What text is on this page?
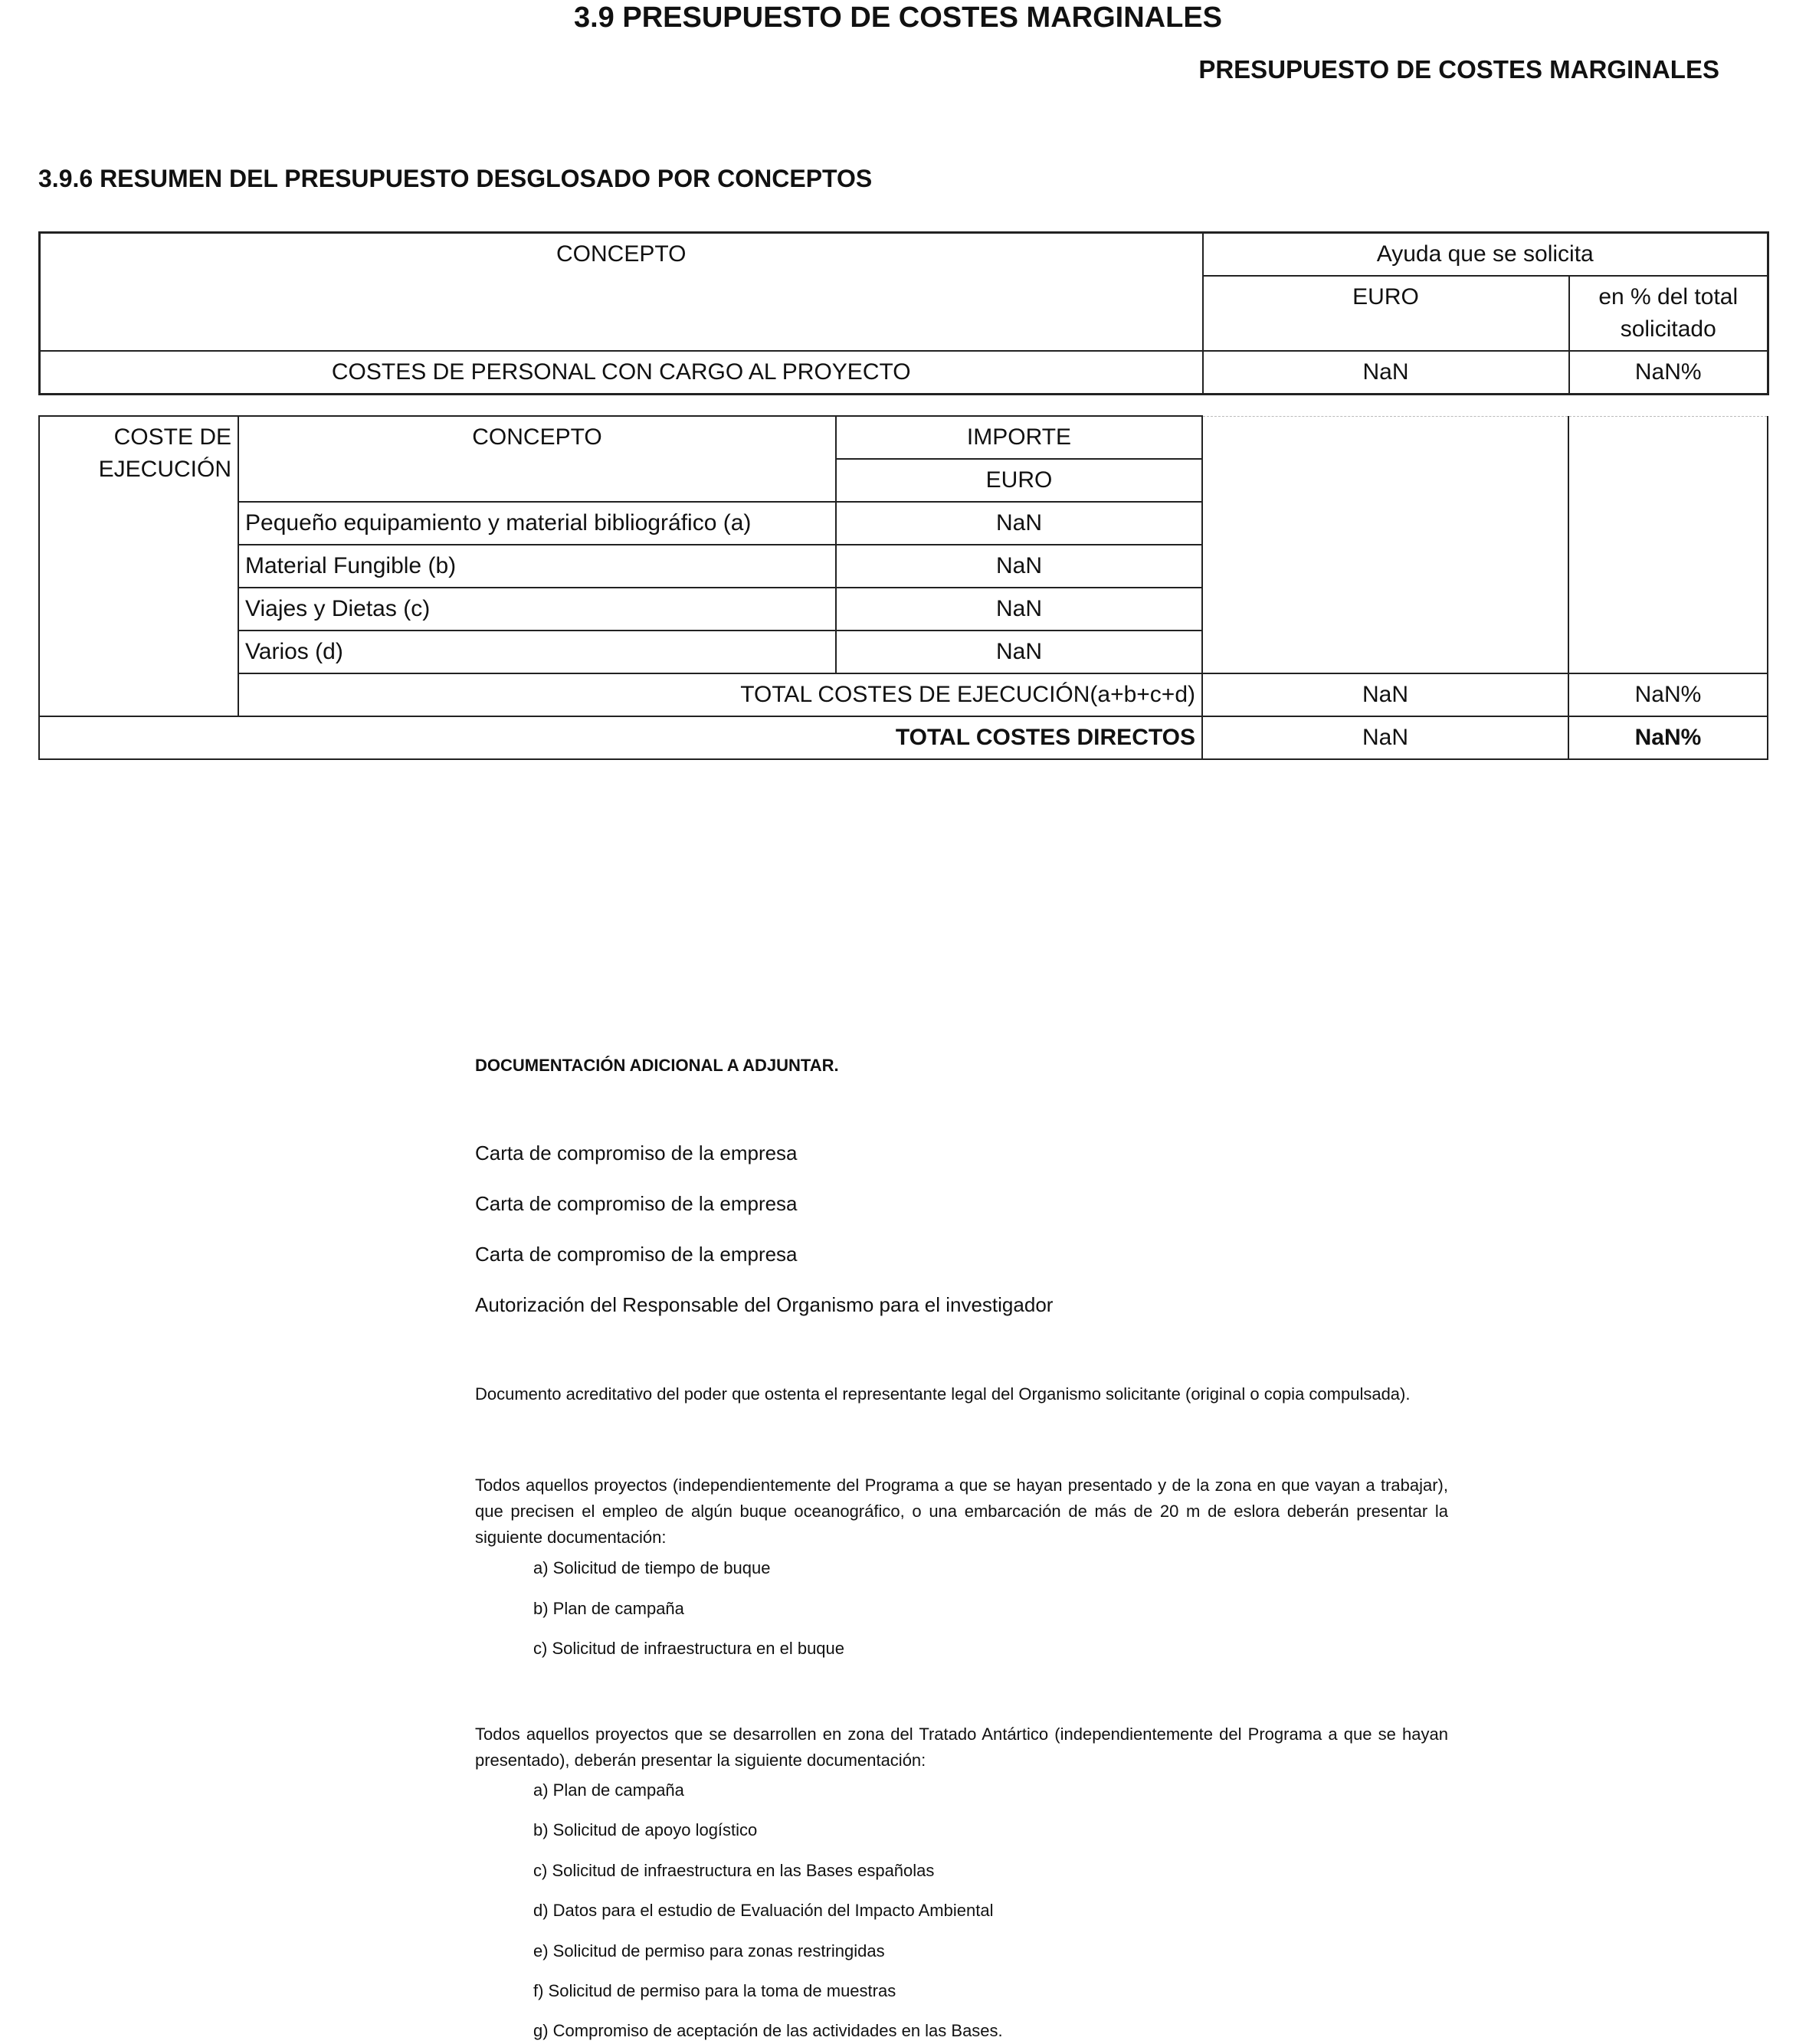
3.9 PRESUPUESTO DE COSTES MARGINALES
PRESUPUESTO DE COSTES MARGINALES
3.9.6 RESUMEN DEL PRESUPUESTO DESGLOSADO POR CONCEPTOS
CONCEPTO	Ayuda que se solicita	
	EURO	en % del total solicitado
COSTES DE PERSONAL CON CARGO AL PROYECTO	NaN	NaN%
COSTE DE EJECUCIÓN	CONCEPTO	IMPORTE		
		EURO		
	Pequeño equipamiento y material bibliográfico (a)	NaN		
	Material Fungible (b)	NaN		
	Viajes y Dietas (c)	NaN		
	Varios (d)	NaN		
	TOTAL COSTES DE EJECUCIÓN(a+b+c+d)		NaN	NaN%
TOTAL COSTES DIRECTOS			NaN	NaN%
DOCUMENTACIÓN ADICIONAL A ADJUNTAR.
Carta de compromiso de la empresa
Carta de compromiso de la empresa
Carta de compromiso de la empresa
Autorización del Responsable del Organismo para el investigador
Documento acreditativo del poder que ostenta el representante legal del Organismo solicitante (original o copia compulsada).
Todos aquellos proyectos (independientemente del Programa a que se hayan presentado y de la zona en que vayan a trabajar), que precisen el empleo de algún buque oceanográfico, o una embarcación de más de 20 m de eslora deberán presentar la siguiente documentación:
a) Solicitud de tiempo de buque
b) Plan de campaña
c) Solicitud de infraestructura en el buque
Todos aquellos proyectos que se desarrollen en zona del Tratado Antártico (independientemente del Programa a que se hayan presentado), deberán presentar la siguiente documentación:
a) Plan de campaña
b) Solicitud de apoyo logístico
c) Solicitud de infraestructura en las Bases españolas
d) Datos para el estudio de Evaluación del Impacto Ambiental
e) Solicitud de permiso para zonas restringidas
f) Solicitud de permiso para la toma de muestras
g) Compromiso de aceptación de las actividades en las Bases.
